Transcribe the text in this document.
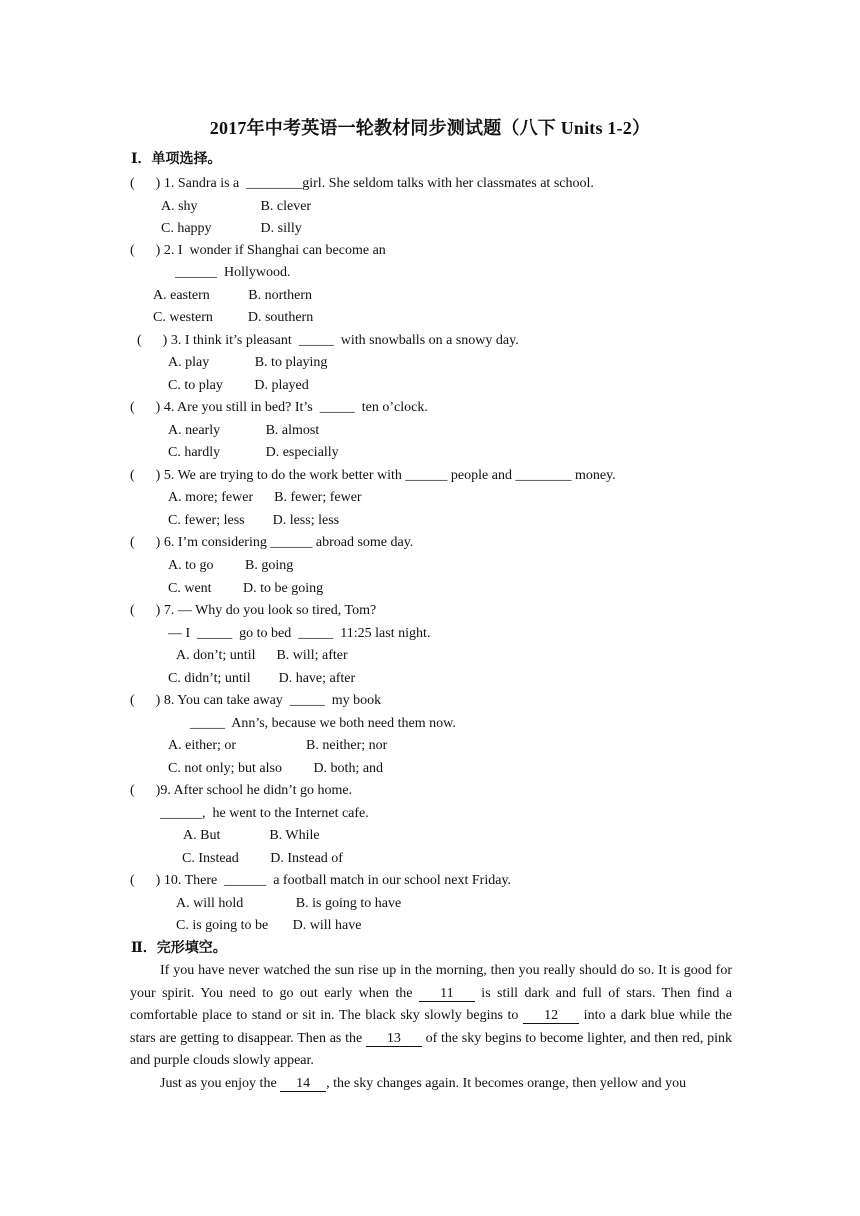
2017年中考英语一轮教材同步测试题（八下 Units 1-2）
Ⅰ．单项选择。
(      ) 1. Sandra is a  ________girl. She seldom talks with her classmates at school.
A. shy                  B. clever
C. happy              D. silly
(      ) 2. I  wonder if Shanghai can become an
______  Hollywood.
A. eastern           B. northern
C. western          D. southern
(      ) 3. I think it’s pleasant  _____  with snowballs on a snowy day.
A. play             B. to playing
C. to play         D. played
(      ) 4. Are you still in bed? It’s  _____  ten o’clock.
A. nearly             B. almost
C. hardly             D. especially
(      ) 5. We are trying to do the work better with ______ people and ________ money.
A. more; fewer      B. fewer; fewer
C. fewer; less        D. less; less
(      ) 6. I’m considering ______ abroad some day.
A. to go         B. going
C. went         D. to be going
(      ) 7. — Why do you look so tired, Tom?
— I  _____  go to bed  _____  11:25 last night.
A. don’t; until      B. will; after
C. didn’t; until        D. have; after
(      ) 8. You can take away  _____  my book
_____  Ann’s, because we both need them now.
A. either; or                    B. neither; nor
C. not only; but also         D. both; and
(      )9. After school he didn’t go home.
______,  he went to the Internet cafe.
A. But              B. While
C. Instead         D. Instead of
(      ) 10. There  ______  a football match in our school next Friday.
A. will hold               B. is going to have
C. is going to be       D. will have
Ⅱ．完形填空。
If you have never watched the sun rise up in the morning, then you really should do so. It is good for your spirit. You need to go out early when the 11 is still dark and full of stars. Then find a comfortable place to stand or sit in. The black sky slowly begins to 12 into a dark blue while the stars are getting to disappear. Then as the 13 of the sky begins to become lighter, and then red, pink and purple clouds slowly appear.
Just as you enjoy the 14 , the sky changes again. It becomes orange, then yellow and you
